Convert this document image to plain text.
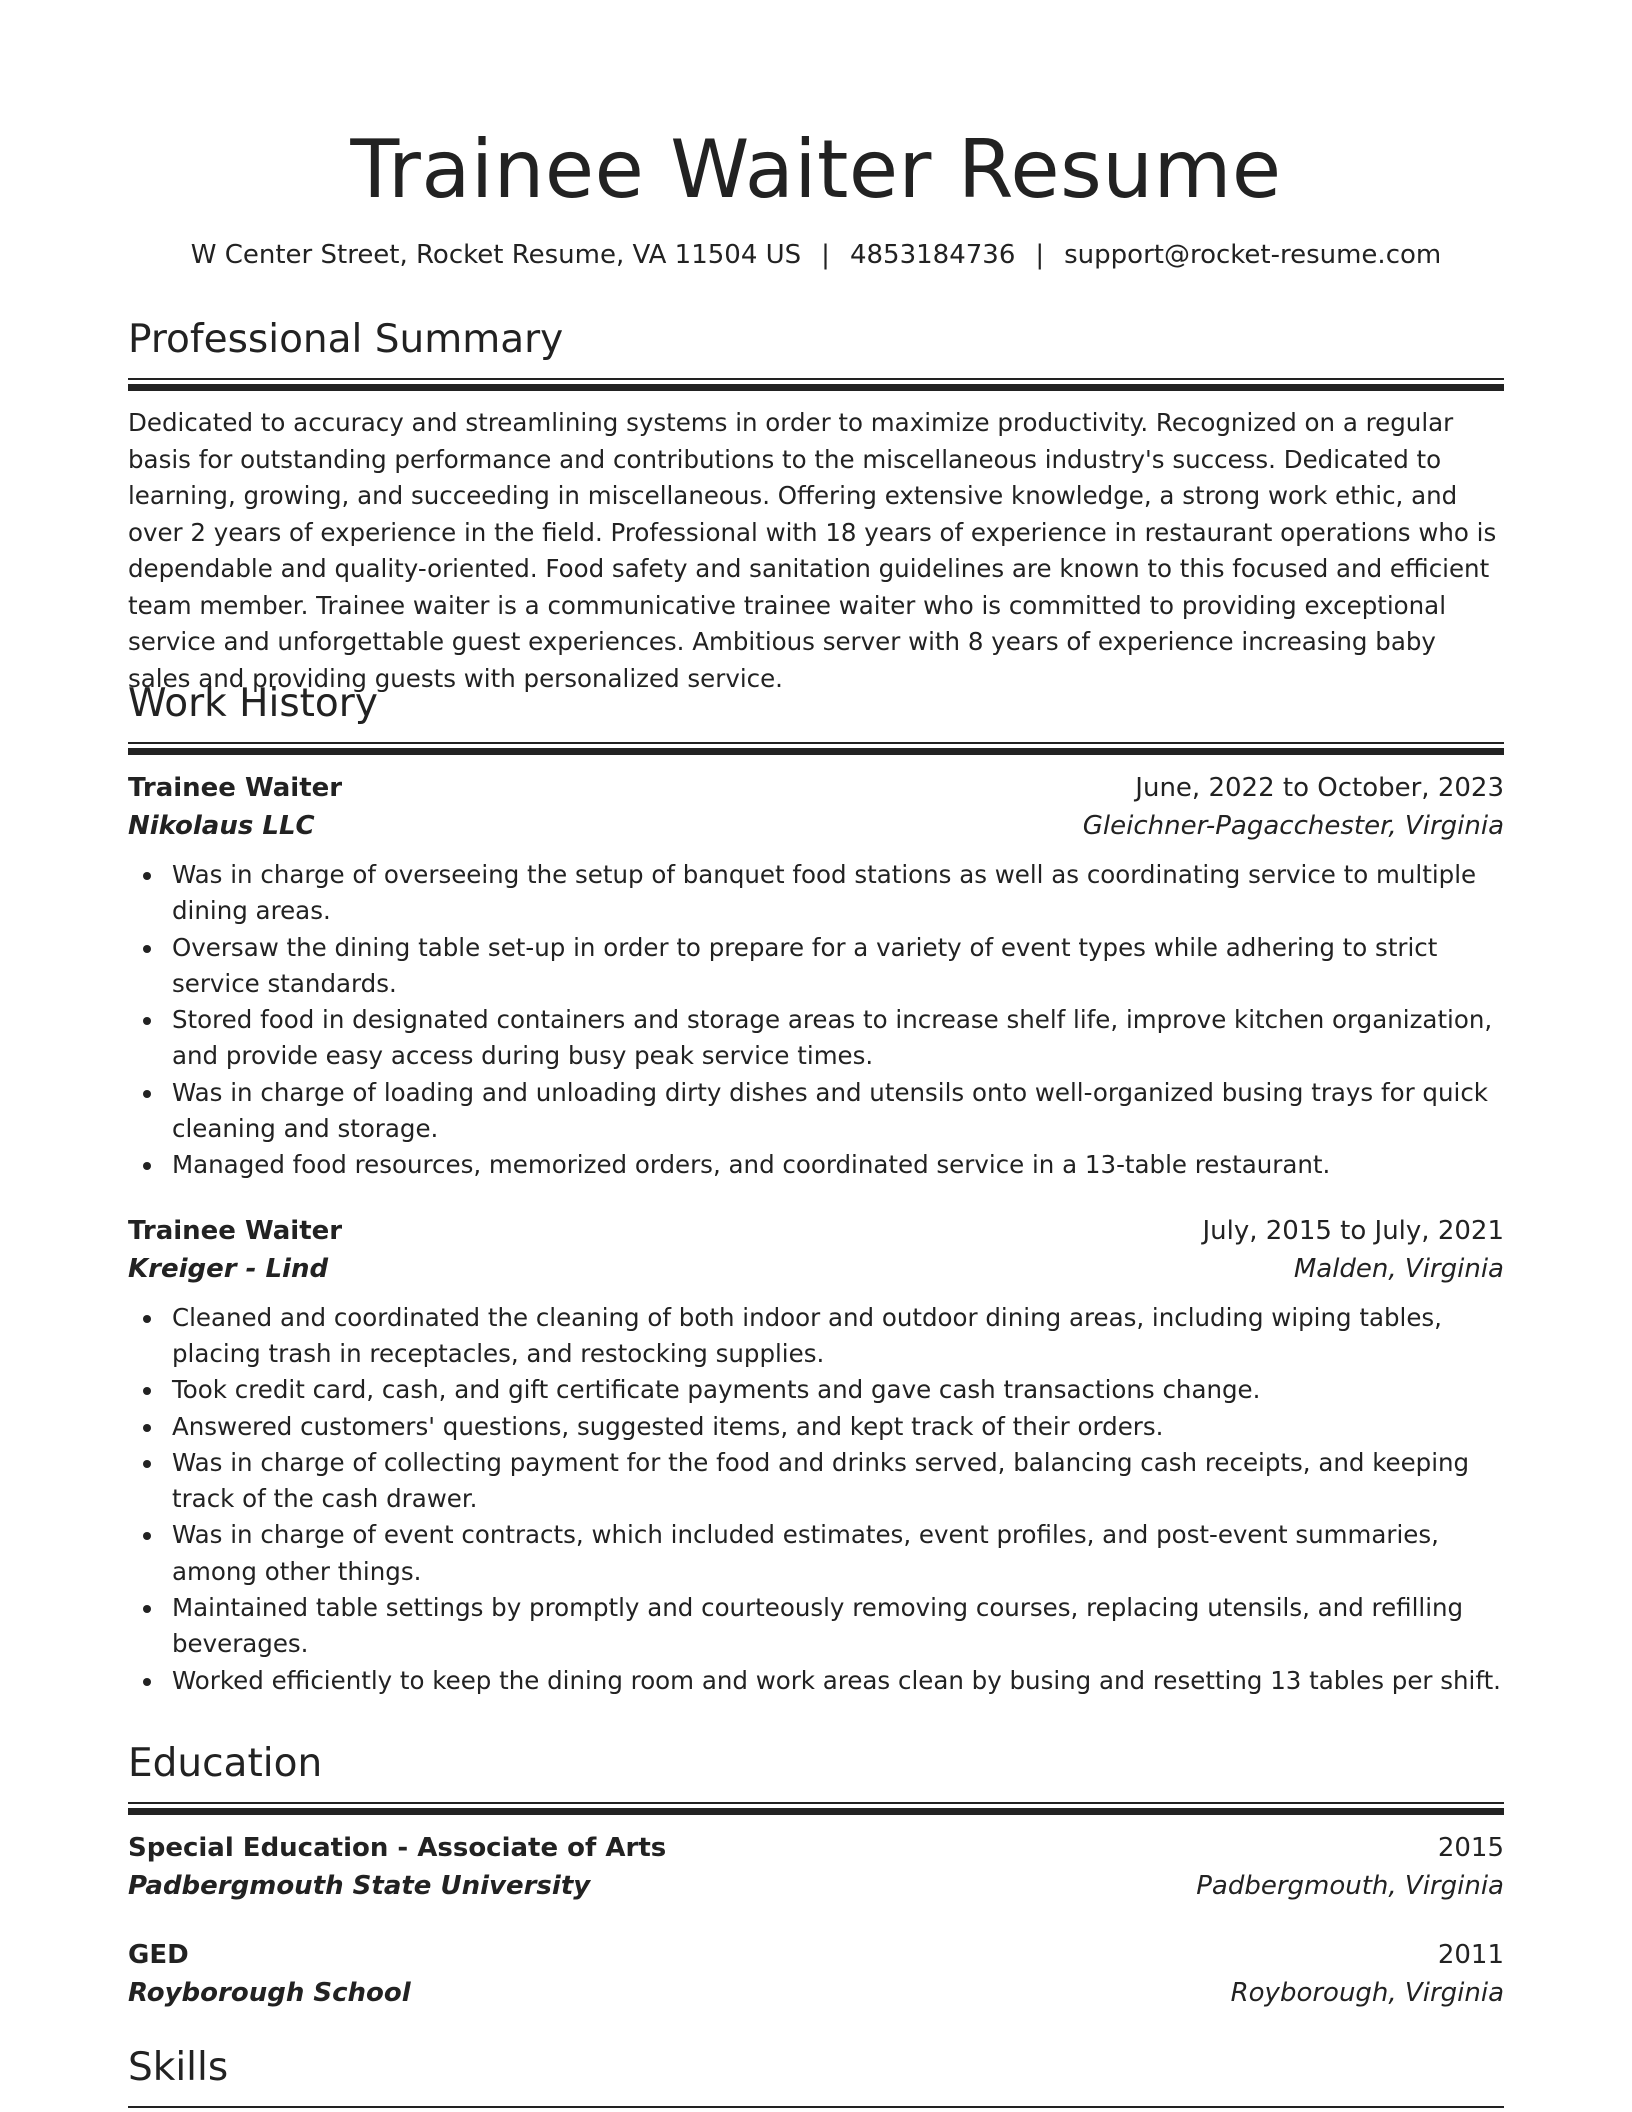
Trainee Waiter Resume
W Center Street, Rocket Resume, VA 11504 US | 4853184736 | support@rocket-resume.com
Professional Summary

Dedicated to accuracy and streamlining systems in order to maximize productivity. Recognized on a regular basis for outstanding performance and contributions to the miscellaneous industry's success. Dedicated to learning, growing, and succeeding in miscellaneous. Offering extensive knowledge, a strong work ethic, and over 2 years of experience in the field. Professional with 18 years of experience in restaurant operations who is dependable and quality-oriented. Food safety and sanitation guidelines are known to this focused and efficient team member. Trainee waiter is a communicative trainee waiter who is committed to providing exceptional service and unforgettable guest experiences. Ambitious server with 8 years of experience increasing baby sales and providing guests with personalized service.

Work History
Trainee Waiter	June, 2022 to October, 2023
Nikolaus LLC	Gleichner-Pagacchester, Virginia
Was in charge of overseeing the setup of banquet food stations as well as coordinating service to multiple dining areas.
Oversaw the dining table set-up in order to prepare for a variety of event types while adhering to strict service standards.
Stored food in designated containers and storage areas to increase shelf life, improve kitchen organization, and provide easy access during busy peak service times.
Was in charge of loading and unloading dirty dishes and utensils onto well-organized busing trays for quick cleaning and storage.
Managed food resources, memorized orders, and coordinated service in a 13-table restaurant.
Trainee Waiter	July, 2015 to July, 2021
Kreiger - Lind	Malden, Virginia
Cleaned and coordinated the cleaning of both indoor and outdoor dining areas, including wiping tables, placing trash in receptacles, and restocking supplies.
Took credit card, cash, and gift certificate payments and gave cash transactions change.
Answered customers' questions, suggested items, and kept track of their orders.
Was in charge of collecting payment for the food and drinks served, balancing cash receipts, and keeping track of the cash drawer.
Was in charge of event contracts, which included estimates, event profiles, and post-event summaries, among other things.
Maintained table settings by promptly and courteously removing courses, replacing utensils, and refilling beverages.
Worked efficiently to keep the dining room and work areas clean by busing and resetting 13 tables per shift.
Education
Special Education - Associate of Arts	2015
Padbergmouth State University	Padbergmouth, Virginia
GED	2011
Royborough School	Royborough, Virginia
Skills
